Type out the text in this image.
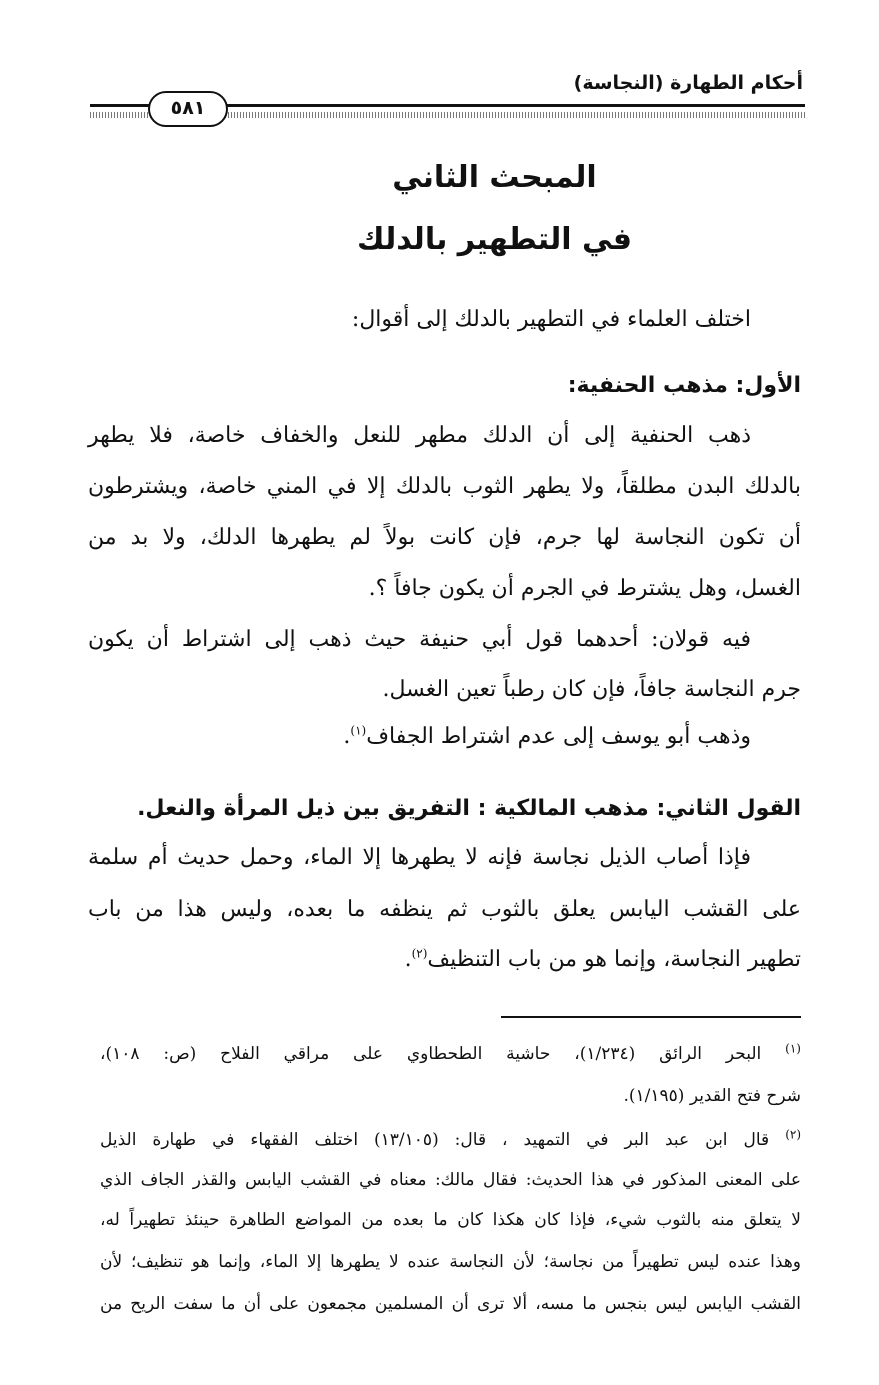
أحكام الطهارة (النجاسة)
٥٨١
المبحث الثاني
في التطهير بالدلك
اختلف العلماء في التطهير بالدلك إلى أقوال:
الأول: مذهب الحنفية:
ذهب الحنفية إلى أن الدلك مطهر للنعل والخفاف خاصة، فلا يطهر
بالدلك البدن مطلقاً، ولا يطهر الثوب بالدلك إلا في المني خاصة، ويشترطون
أن تكون النجاسة لها جرم، فإن كانت بولاً لم يطهرها الدلك، ولا بد من
الغسل، وهل يشترط في الجرم أن يكون جافاً ؟.
فيه قولان: أحدهما قول أبي حنيفة حيث ذهب إلى اشتراط أن يكون
جرم النجاسة جافاً، فإن كان رطباً تعين الغسل.
وذهب أبو يوسف إلى عدم اشتراط الجفاف$^{(١)}$.
القول الثاني: مذهب المالكية : التفريق بين ذيل المرأة والنعل.
فإذا أصاب الذيل نجاسة فإنه لا يطهرها إلا الماء، وحمل حديث أم سلمة
على القشب اليابس يعلق بالثوب ثم ينظفه ما بعده، وليس هذا من باب
تطهير النجاسة، وإنما هو من باب التنظيف$^{(٢)}$.
$^{(١)}$ البحر الرائق (١/٢٣٤)، حاشية الطحطاوي على مراقي الفلاح (ص: ١٠٨)،
شرح فتح القدير (١/١٩٥).
$^{(٢)}$ قال ابن عبد البر في التمهيد ، قال: (١٣/١٠٥) اختلف الفقهاء في طهارة الذيل
على المعنى المذكور في هذا الحديث: فقال مالك: معناه في القشب اليابس والقذر الجاف الذي
لا يتعلق منه بالثوب شيء، فإذا كان هكذا كان ما بعده من المواضع الطاهرة حينئذ تطهيراً له،
وهذا عنده ليس تطهيراً من نجاسة؛ لأن النجاسة عنده لا يطهرها إلا الماء، وإنما هو تنظيف؛ لأن
القشب اليابس ليس بنجس ما مسه، ألا ترى أن المسلمين مجمعون على أن ما سفت الريح من
